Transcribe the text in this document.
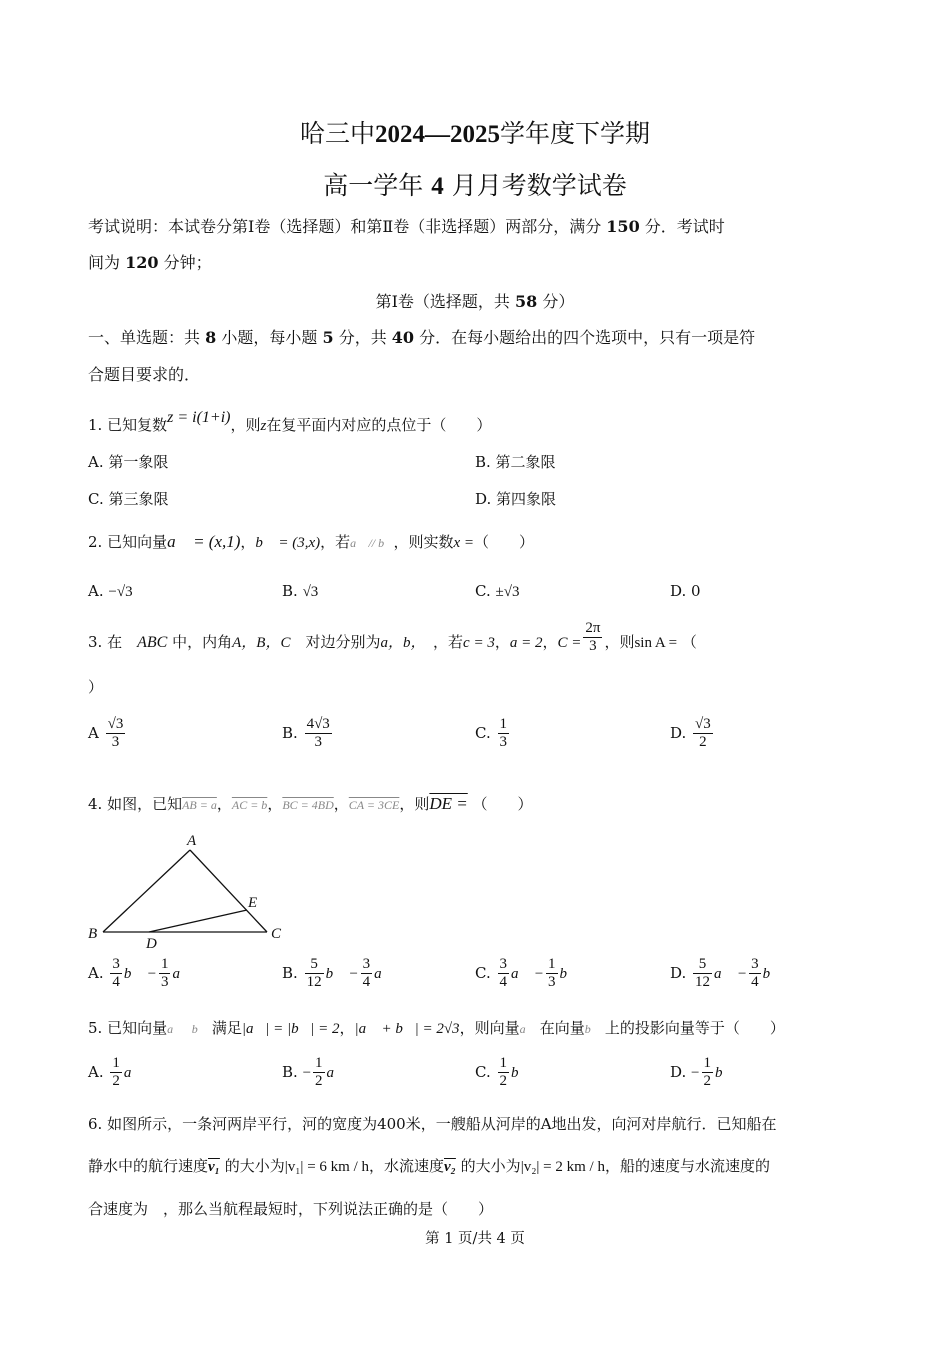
哈三中2024—2025学年度下学期
高一学年 4 月月考数学试卷
考试说明：本试卷分第Ⅰ卷（选择题）和第Ⅱ卷（非选择题）两部分，满分 150 分．考试时
间为 120 分钟；
第Ⅰ卷（选择题，共 58 分）
一、单选题：共 8 小题，每小题 5 分，共 40 分．在每小题给出的四个选项中，只有一项是符
合题目要求的．
1. 已知复数z = i(1+i)，则z在复平面内对应的点位于（　　）
A. 第一象限	B. 第二象限
C. 第三象限	D. 第四象限
2. 已知向量a⃗ = (x,1)，b⃗ = (3,x)，若a⃗ // b⃗，则实数x =（　　）
A. −√3	B. √3	C. ±√3	D. 0
3. 在　 ABC 中，内角A，B，C　 对边分别为a，b，　 ，若c = 3，a = 2，$C = \frac{2\pi}{3}$ ，则sin A = （
）
A $\frac{√3}{3}$	B. $\frac{4√3}{3}$	C. $\frac{1}{3}$	D. $\frac{√3}{2}$
4. 如图，已知AB = a，AC = b，BC = 4BD，CA = 3CE，则DE = （　　）
A
B	C
D
E
A. $\frac{3}{4}$ b⃗ − $\frac{1}{3}$ a⃗	B. $\frac{5}{12}$ b⃗ − $\frac{3}{4}$ a⃗	C. $\frac{3}{4}$ a⃗ − $\frac{1}{3}$ b⃗	D. $\frac{5}{12}$ a⃗ − $\frac{3}{4}$ b⃗
5. 已知向量a⃗，b⃗ 满足|a⃗| = |b⃗| = 2，|a⃗ + b⃗| = 2√3，则向量a⃗ 在向量b⃗ 上的投影向量等于（　　）
A. $\frac{1}{2}$ a⃗	B. − $\frac{1}{2}$ a⃗	C. $\frac{1}{2}$ b	D. − $\frac{1}{2}$ b⃗
6. 如图所示，一条河两岸平行，河的宽度为400米，一艘船从河岸的A地出发，向河对岸航行．已知船在
静水中的航行速度v₁ 的大小为|v₁| = 6 km / h，水流速度v₂ 的大小为|v₂| = 2 km / h，船的速度与水流速度的
合速度为　，那么当航程最短时，下列说法正确的是（　　）
第 1 页/共 4 页
